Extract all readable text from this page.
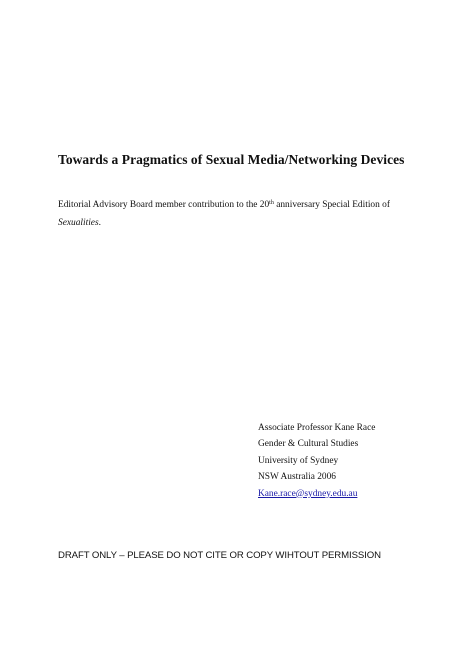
Towards a Pragmatics of Sexual Media/Networking Devices
Editorial Advisory Board member contribution to the 20th anniversary Special Edition of
Sexualities.
Associate Professor Kane Race
Gender & Cultural Studies
University of Sydney
NSW Australia 2006
Kane.race@sydney.edu.au
DRAFT ONLY – PLEASE DO NOT CITE OR COPY WIHTOUT PERMISSION
